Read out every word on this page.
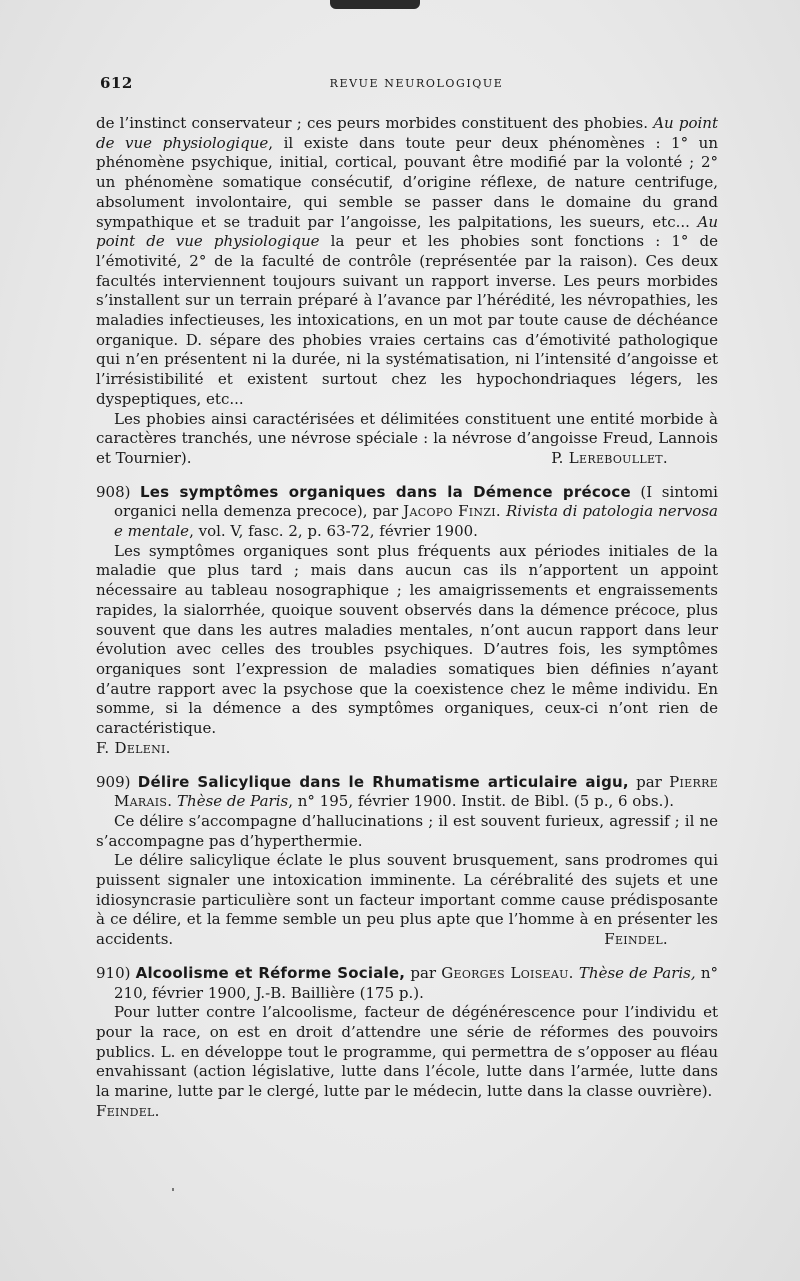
612	REVUE NEUROLOGIQUE

de l’instinct conservateur ; ces peurs morbides constituent des phobies. Au point de vue physiologique, il existe dans toute peur deux phénomènes : 1° un phénomène psychique, initial, cortical, pouvant être modifié par la volonté ; 2° un phénomène somatique consécutif, d’origine réflexe, de nature centrifuge, absolument involontaire, qui semble se passer dans le domaine du grand sympathique et se traduit par l’angoisse, les palpitations, les sueurs, etc... Au point de vue physiologique la peur et les phobies sont fonctions : 1° de l’émotivité, 2° de la faculté de contrôle (représentée par la raison). Ces deux facultés interviennent toujours suivant un rapport inverse. Les peurs morbides s’installent sur un terrain préparé à l’avance par l’hérédité, les névropathies, les maladies infectieuses, les intoxications, en un mot par toute cause de déchéance organique. D. sépare des phobies vraies certains cas d’émotivité pathologique qui n’en présentent ni la durée, ni la systématisation, ni l’intensité d’angoisse et l’irrésistibilité et existent surtout chez les hypochondriaques légers, les dyspeptiques, etc...

Les phobies ainsi caractérisées et délimitées constituent une entité morbide à caractères tranchés, une névrose spéciale : la névrose d’angoisse Freud, Lannois et Tournier).	P. Lereboullet.

908) Les symptômes organiques dans la Démence précoce (I sintomi organici nella demenza precoce), par Jacopo Finzi. Rivista di patologia nervosa e mentale, vol. V, fasc. 2, p. 63-72, février 1900.

Les symptômes organiques sont plus fréquents aux périodes initiales de la maladie que plus tard ; mais dans aucun cas ils n’apportent un appoint nécessaire au tableau nosographique ; les amaigrissements et engraissements rapides, la sialorrhée, quoique souvent observés dans la démence précoce, plus souvent que dans les autres maladies mentales, n’ont aucun rapport dans leur évolution avec celles des troubles psychiques. D’autres fois, les symptômes organiques sont l’expression de maladies somatiques bien définies n’ayant d’autre rapport avec la psychose que la coexistence chez le même individu. En somme, si la démence a des symptômes organiques, ceux-ci n’ont rien de caractéristique.

F. Deleni.

909) Délire Salicylique dans le Rhumatisme articulaire aigu, par Pierre Marais. Thèse de Paris, n° 195, février 1900. Instit. de Bibl. (5 p., 6 obs.).

Ce délire s’accompagne d’hallucinations ; il est souvent furieux, agressif ; il ne s’accompagne pas d’hyperthermie.

Le délire salicylique éclate le plus souvent brusquement, sans prodromes qui puissent signaler une intoxication imminente. La cérébralité des sujets et une idiosyncrasie particulière sont un facteur important comme cause prédisposante à ce délire, et la femme semble un peu plus apte que l’homme à en présenter les accidents.	Feindel.

910) Alcoolisme et Réforme Sociale, par Georges Loiseau. Thèse de Paris, n° 210, février 1900, J.-B. Baillière (175 p.).

Pour lutter contre l’alcoolisme, facteur de dégénérescence pour l’individu et pour la race, on est en droit d’attendre une série de réformes des pouvoirs publics. L. en développe tout le programme, qui permettra de s’opposer au fléau envahissant (action législative, lutte dans l’école, lutte dans l’armée, lutte dans la marine, lutte par le clergé, lutte par le médecin, lutte dans la classe ouvrière).

Feindel.
